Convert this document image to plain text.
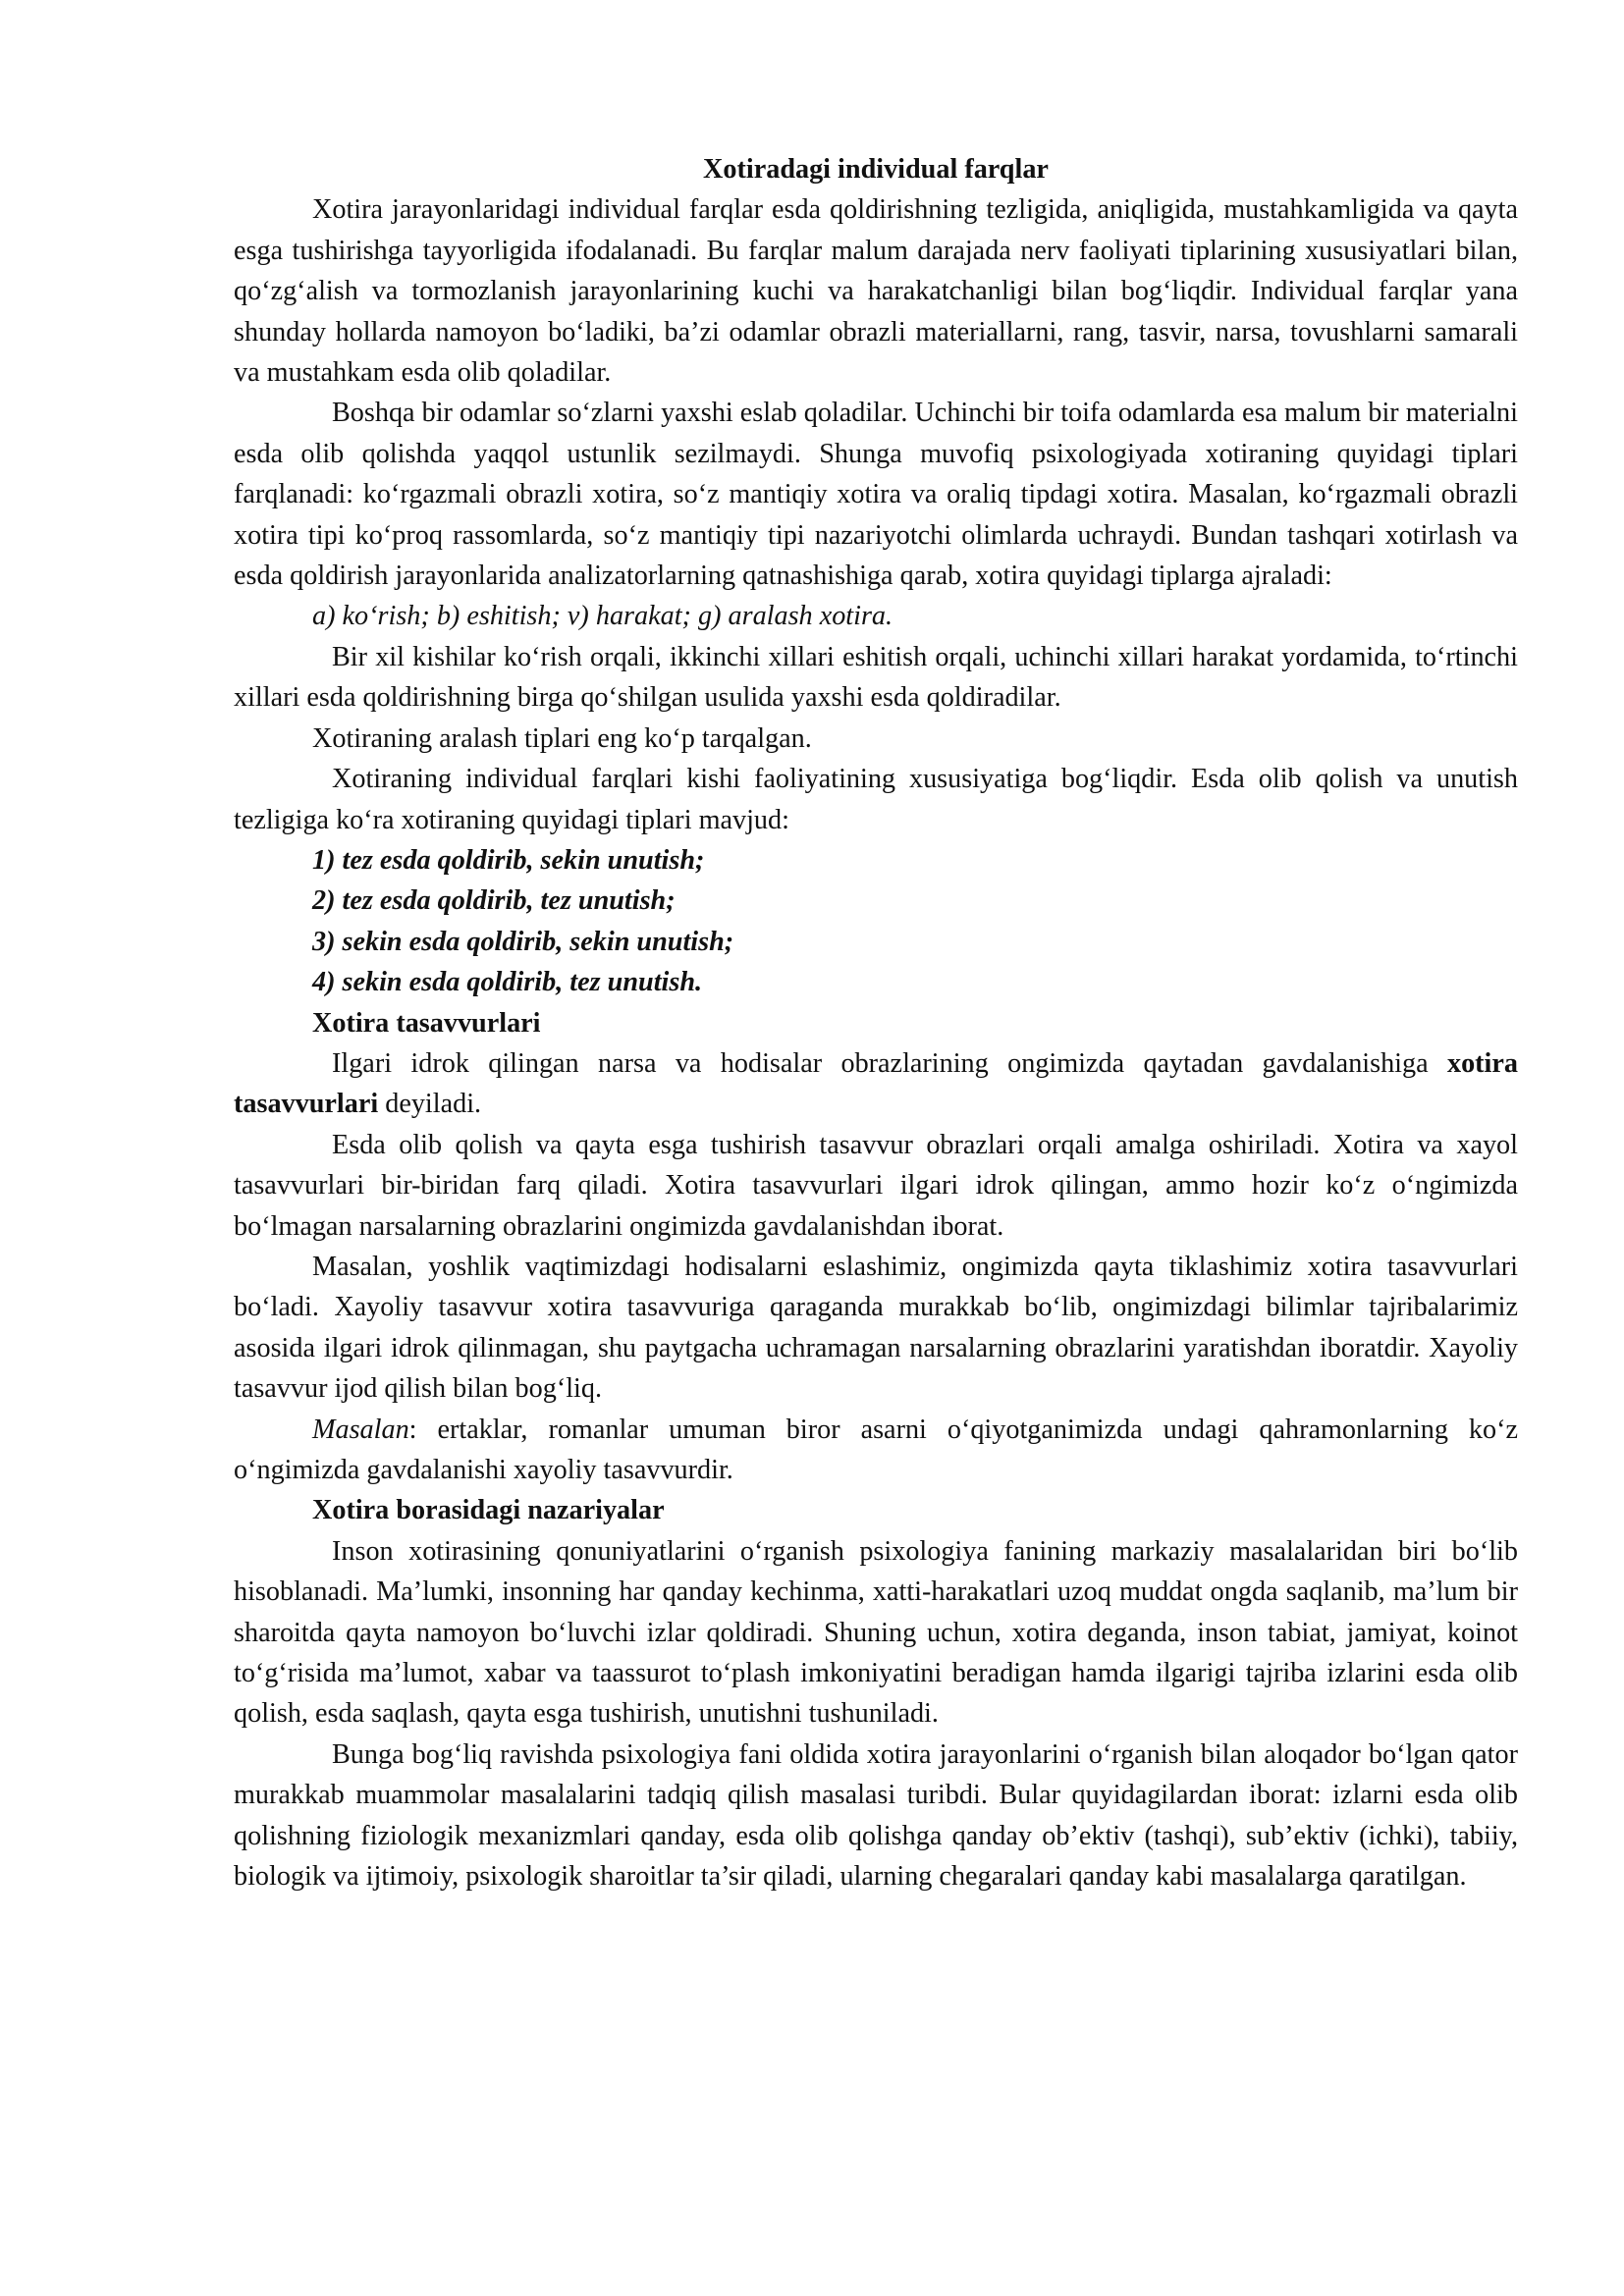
Xotiradagi individual farqlar

Xotira jarayonlaridagi individual farqlar esda qoldirishning tezligida, aniqligida, mustahkamligida va qayta esga tushirishga tayyorligida ifodalanadi. Bu farqlar malum darajada nerv faoliyati tiplarining xususiyatlari bilan, qo‘zg‘alish va tormozlanish jarayonlarining kuchi va harakatchanligi bilan bog‘liqdir. Individual farqlar yana shunday hollarda namoyon bo‘ladiki, ba’zi odamlar obrazli materiallarni, rang, tasvir, narsa, tovushlarni samarali va mustahkam esda olib qoladilar.

Boshqa bir odamlar so‘zlarni yaxshi eslab qoladilar. Uchinchi bir toifa odamlarda esa malum bir materialni esda olib qolishda yaqqol ustunlik sezilmaydi. Shunga muvofiq psixologiyada xotiraning quyidagi tiplari farqlanadi: ko‘rgazmali obrazli xotira, so‘z mantiqiy xotira va oraliq tipdagi xotira. Masalan, ko‘rgazmali obrazli xotira tipi ko‘proq rassomlarda, so‘z mantiqiy tipi nazariyotchi olimlarda uchraydi. Bundan tashqari xotirlash va esda qoldirish jarayonlarida analizatorlarning qatnashishiga qarab, xotira quyidagi tiplarga ajraladi:

a) ko‘rish; b) eshitish; v) harakat; g) aralash xotira.

Bir xil kishilar ko‘rish orqali, ikkinchi xillari eshitish orqali, uchinchi xillari harakat yordamida, to‘rtinchi xillari esda qoldirishning birga qo‘shilgan usulida yaxshi esda qoldiradilar.

Xotiraning aralash tiplari eng ko‘p tarqalgan.

Xotiraning individual farqlari kishi faoliyatining xususiyatiga bog‘liqdir. Esda olib qolish va unutish tezligiga ko‘ra xotiraning quyidagi tiplari mavjud:

1) tez esda qoldirib, sekin unutish;

2) tez esda qoldirib, tez unutish;

3) sekin esda qoldirib, sekin unutish;

4) sekin esda qoldirib, tez unutish.

Xotira tasavvurlari

Ilgari idrok qilingan narsa va hodisalar obrazlarining ongimizda qaytadan gavdalanishiga xotira tasavvurlari deyiladi.

Esda olib qolish va qayta esga tushirish tasavvur obrazlari orqali amalga oshiriladi. Xotira va xayol tasavvurlari bir-biridan farq qiladi. Xotira tasavvurlari ilgari idrok qilingan, ammo hozir ko‘z o‘ngimizda bo‘lmagan narsalarning obrazlarini ongimizda gavdalanishdan iborat.

Masalan, yoshlik vaqtimizdagi hodisalarni eslashimiz, ongimizda qayta tiklashimiz xotira tasavvurlari bo‘ladi. Xayoliy tasavvur xotira tasavvuriga qaraganda murakkab bo‘lib, ongimizdagi bilimlar tajribalarimiz asosida ilgari idrok qilinmagan, shu paytgacha uchramagan narsalarning obrazlarini yaratishdan iboratdir. Xayoliy tasavvur ijod qilish bilan bog‘liq.

Masalan: ertaklar, romanlar umuman biror asarni o‘qiyotganimizda undagi qahramonlarning ko‘z o‘ngimizda gavdalanishi xayoliy tasavvurdir.

Xotira borasidagi nazariyalar

Inson xotirasining qonuniyatlarini o‘rganish psixologiya fanining markaziy masalalaridan biri bo‘lib hisoblanadi. Ma’lumki, insonning har qanday kechinma, xatti-harakatlari uzoq muddat ongda saqlanib, ma’lum bir sharoitda qayta namoyon bo‘luvchi izlar qoldiradi. Shuning uchun, xotira deganda, inson tabiat, jamiyat, koinot to‘g‘risida ma’lumot, xabar va taassurot to‘plash imkoniyatini beradigan hamda ilgarigi tajriba izlarini esda olib qolish, esda saqlash, qayta esga tushirish, unutishni tushuniladi.

Bunga bog‘liq ravishda psixologiya fani oldida xotira jarayonlarini o‘rganish bilan aloqador bo‘lgan qator murakkab muammolar masalalarini tadqiq qilish masalasi turibdi. Bular quyidagilardan iborat: izlarni esda olib qolishning fiziologik mexanizmlari qanday, esda olib qolishga qanday ob’ektiv (tashqi), sub’ektiv (ichki), tabiiy, biologik va ijtimoiy, psixologik sharoitlar ta’sir qiladi, ularning chegaralari qanday kabi masalalarga qaratilgan.
